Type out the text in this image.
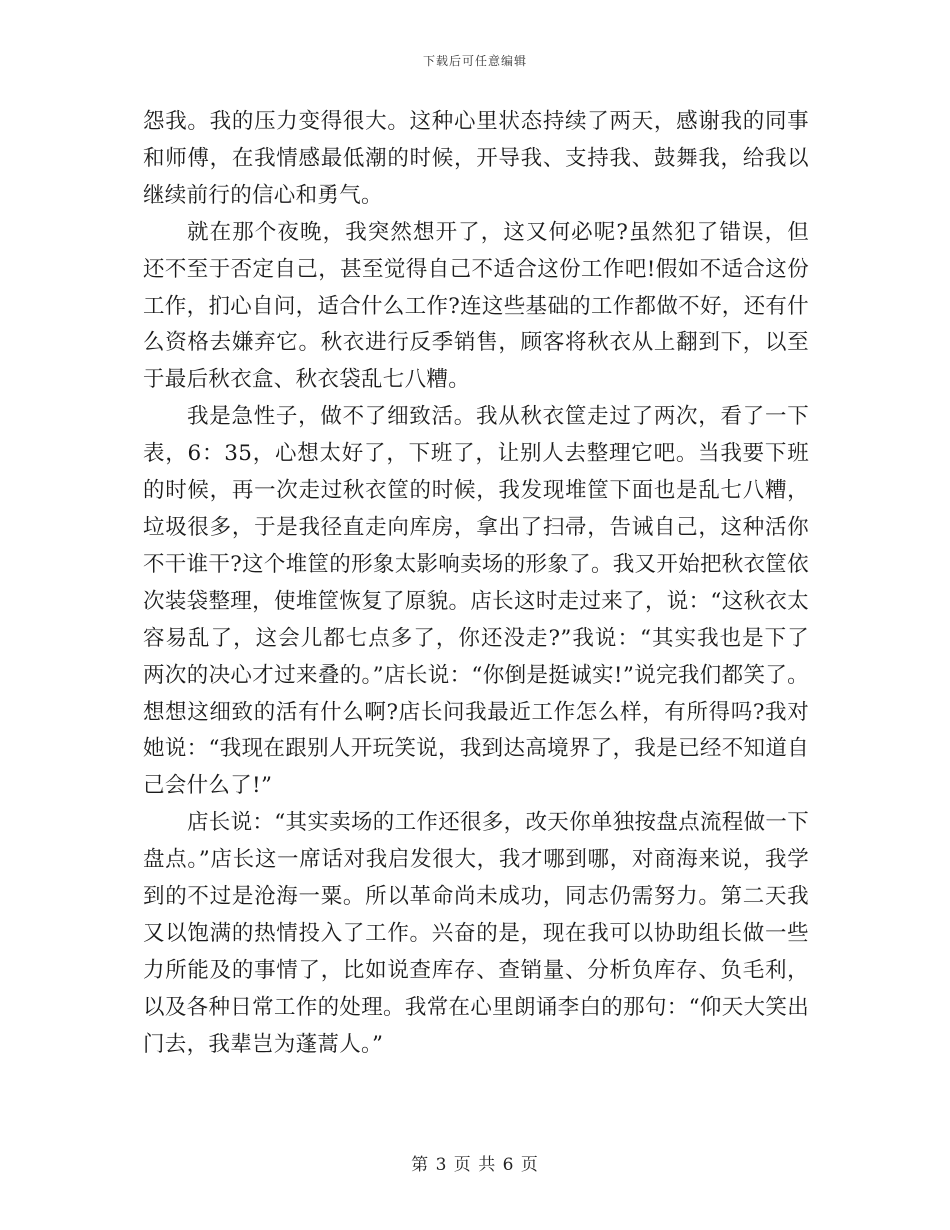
下载后可任意编辑

怨我。我的压力变得很大。这种心里状态持续了两天，感谢我的同事和师傅，在我情感最低潮的时候，开导我、支持我、鼓舞我，给我以继续前行的信心和勇气。

就在那个夜晚，我突然想开了，这又何必呢?虽然犯了错误，但还不至于否定自己，甚至觉得自己不适合这份工作吧!假如不适合这份工作，扪心自问，适合什么工作?连这些基础的工作都做不好，还有什么资格去嫌弃它。秋衣进行反季销售，顾客将秋衣从上翻到下，以至于最后秋衣盒、秋衣袋乱七八糟。

我是急性子，做不了细致活。我从秋衣筐走过了两次，看了一下表，6：35，心想太好了，下班了，让别人去整理它吧。当我要下班的时候，再一次走过秋衣筐的时候，我发现堆筐下面也是乱七八糟，垃圾很多，于是我径直走向库房，拿出了扫帚，告诫自己，这种活你不干谁干?这个堆筐的形象太影响卖场的形象了。我又开始把秋衣筐依次装袋整理，使堆筐恢复了原貌。店长这时走过来了，说：“这秋衣太容易乱了，这会儿都七点多了，你还没走?”我说：“其实我也是下了两次的决心才过来叠的。”店长说：“你倒是挺诚实!”说完我们都笑了。想想这细致的活有什么啊?店长问我最近工作怎么样，有所得吗?我对她说：“我现在跟别人开玩笑说，我到达高境界了，我是已经不知道自己会什么了!”

店长说：“其实卖场的工作还很多，改天你单独按盘点流程做一下盘点。”店长这一席话对我启发很大，我才哪到哪，对商海来说，我学到的不过是沧海一粟。所以革命尚未成功，同志仍需努力。第二天我又以饱满的热情投入了工作。兴奋的是，现在我可以协助组长做一些力所能及的事情了，比如说查库存、查销量、分析负库存、负毛利，以及各种日常工作的处理。我常在心里朗诵李白的那句：“仰天大笑出门去，我辈岂为蓬蒿人。”

第 3 页 共 6 页
